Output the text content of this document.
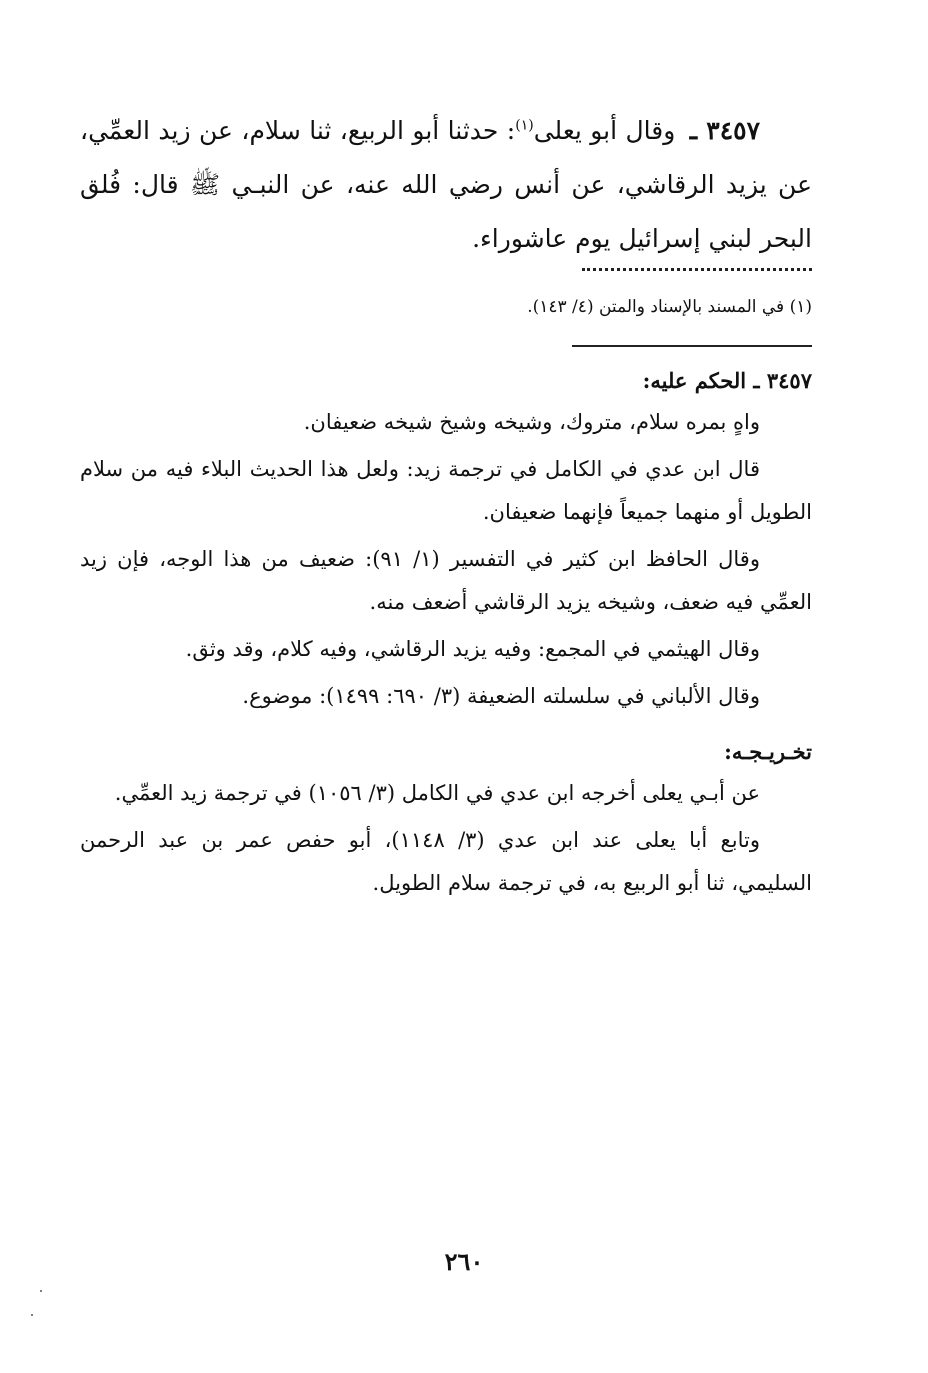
٣٤٥٧ ـ وقال أبو يعلى$^{(١)}$: حدثنا أبو الربيع، ثنا سلام، عن زيد العمِّي، عن يزيد الرقاشي، عن أنس رضي الله عنه، عن النبـي ﷺ قال: فُلق البحر لبني إسرائيل يوم عاشوراء.

(١) في المسند بالإسناد والمتن (٤/ ١٤٣).

٣٤٥٧ ـ الحكم عليه:

واهٍ بمره سلام، متروك، وشيخه وشيخ شيخه ضعيفان.

قال ابن عدي في الكامل في ترجمة زيد: ولعل هذا الحديث البلاء فيه من سلام الطويل أو منهما جميعاً فإنهما ضعيفان.

وقال الحافظ ابن كثير في التفسير (١/ ٩١): ضعيف من هذا الوجه، فإن زيد العمِّي فيه ضعف، وشيخه يزيد الرقاشي أضعف منه.

وقال الهيثمي في المجمع: وفيه يزيد الرقاشي، وفيه كلام، وقد وثق.

وقال الألباني في سلسلته الضعيفة (٣/ ٦٩٠: ١٤٩٩): موضوع.

تخـريـجـه:

عن أبـي يعلى أخرجه ابن عدي في الكامل (٣/ ١٠٥٦) في ترجمة زيد العمِّي.

وتابع أبا يعلى عند ابن عدي (٣/ ١١٤٨)، أبو حفص عمر بن عبد الرحمن السليمي، ثنا أبو الربيع به، في ترجمة سلام الطويل.

٢٦٠
